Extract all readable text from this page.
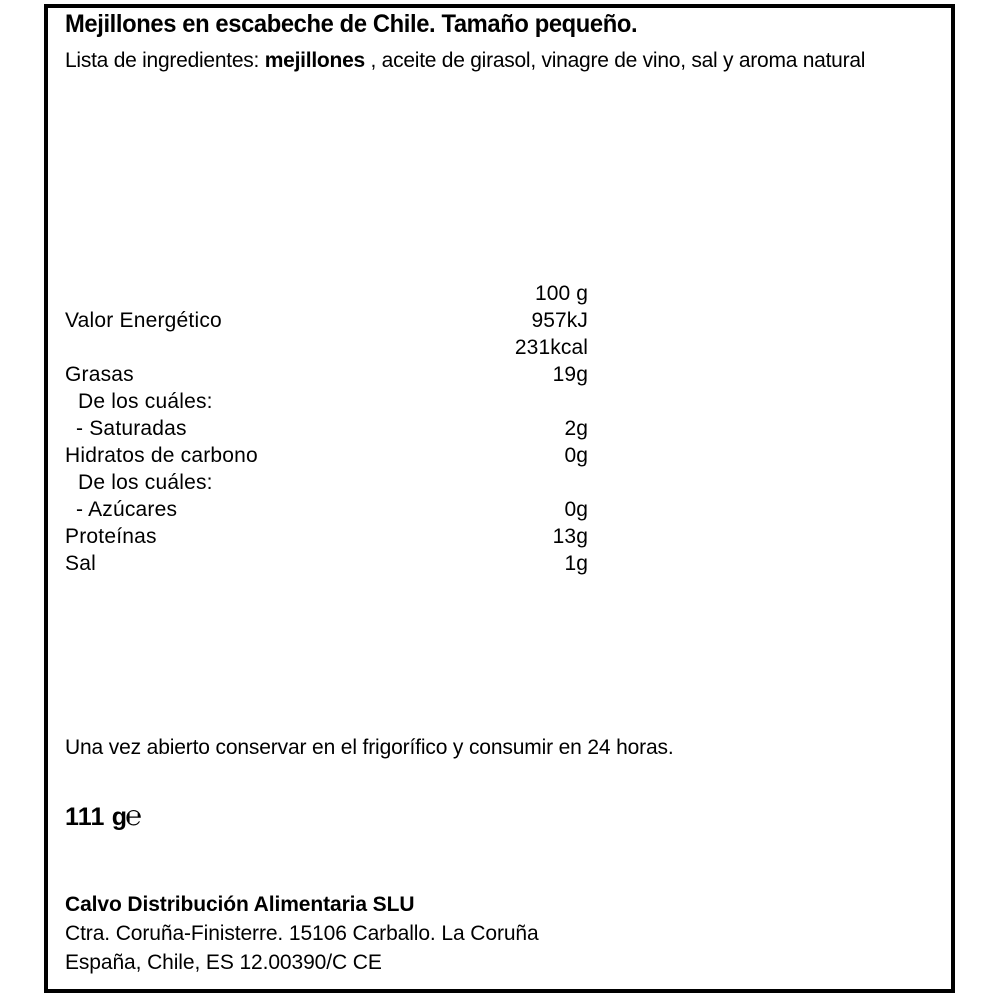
Mejillones en escabeche de Chile. Tamaño pequeño.
Lista de ingredientes: mejillones , aceite de girasol, vinagre de vino, sal y aroma natural
100 g
Valor Energético	957kJ
231kcal
Grasas	19g
De los cuáles:
- Saturadas	2g
Hidratos de carbono	0g
De los cuáles:
- Azúcares	0g
Proteínas	13g
Sal	1g
Una vez abierto conservar en el frigorífico y consumir en 24 horas.
111 g℮
Calvo Distribución Alimentaria SLU
Ctra. Coruña-Finisterre. 15106 Carballo. La Coruña
España, Chile, ES 12.00390/C CE
